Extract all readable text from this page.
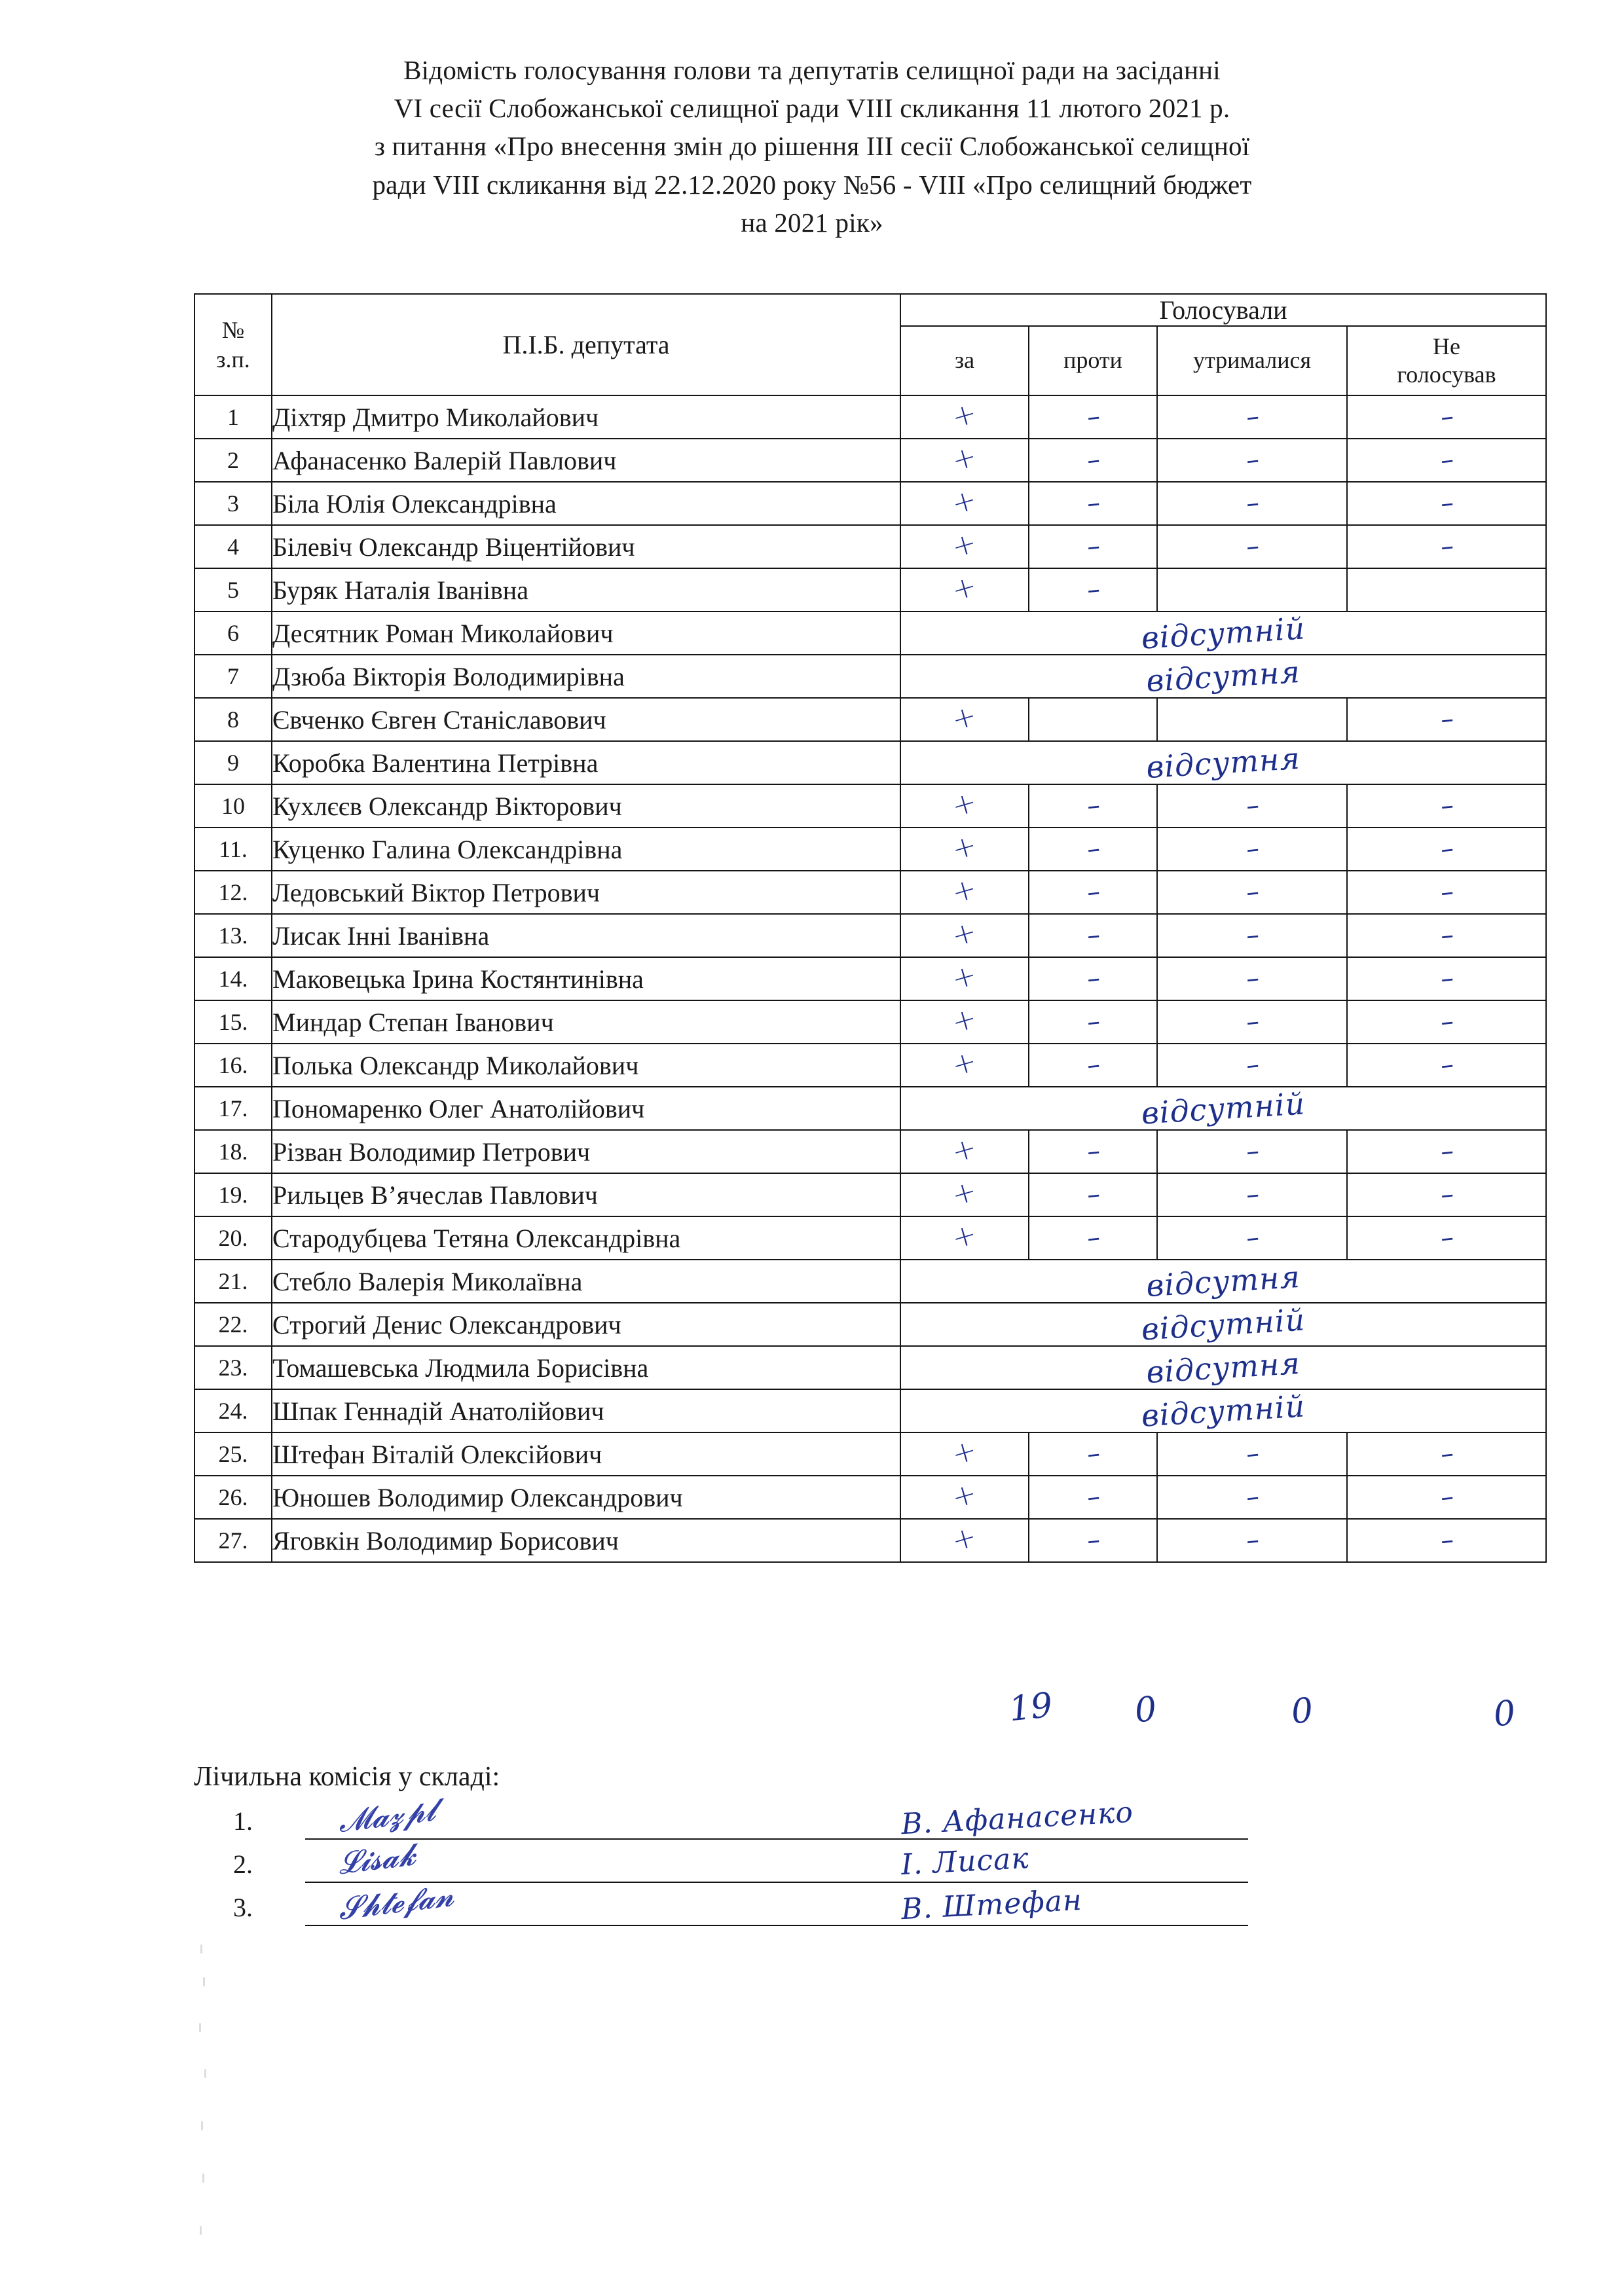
Відомість голосування голови та депутатів селищної ради на засіданні
VI сесії Слобожанської селищної ради VIII скликання 11 лютого 2021 р.
з питання «Про внесення змін до рішення ІІІ сесії Слобожанської селищної
ради VIII скликання від 22.12.2020 року №56 - VIII «Про селищний бюджет
на 2021 рік»
№
з.п.	П.І.Б. депутата	Голосували			
		за	проти	утрималися	Не
голосував

1	Діхтяр Дмитро Миколайович	+	–	–	–

2	Афанасенко Валерій Павлович	+	–	–	–

3	Біла Юлія Олександрівна	+	–	–	–

4	Білевіч Олександр Віцентійович	+	–	–	–

5	Буряк Наталія Іванівна	+	–		

6	Десятник Роман Миколайович	відсутній			

7	Дзюба Вікторія Володимирівна	відсутня			

8	Євченко Євген Станіславович	+			–

9	Коробка Валентина Петрівна	відсутня			

10	Кухлєєв Олександр Вікторович	+	–	–	–

11.	Куценко Галина Олександрівна	+	–	–	–

12.	Ледовський Віктор Петрович	+	–	–	–

13.	Лисак Інні Іванівна	+	–	–	–

14.	Маковецька Ірина Костянтинівна	+	–	–	–

15.	Миндар Степан Іванович	+	–	–	–

16.	Полька Олександр Миколайович	+	–	–	–

17.	Пономаренко Олег Анатолійович	відсутній			

18.	Різван Володимир Петрович	+	–	–	–

19.	Рильцев В’ячеслав Павлович	+	–	–	–

20.	Стародубцева Тетяна Олександрівна	+	–	–	–

21.	Стебло Валерія Миколаївна	відсутня			

22.	Строгий Денис Олександрович	відсутній			

23.	Томашевська Людмила Борисівна	відсутня			

24.	Шпак Геннадій Анатолійович	відсутній			

25.	Штефан Віталій Олексійович	+	–	–	–

26.	Юношев Володимир Олександрович	+	–	–	–

27.	Яговкін Володимир Борисович	+	–	–	–
19 0	0	0
Лічильна комісія у складі:
1.	𝓜𝓪𝔃𝓹𝓵	В. Афанасенко
2.	𝓛𝓲𝓼𝓪𝓴	І. Лисак
3.	𝓢𝓱𝓽𝓮𝓯𝓪𝓷	В. Штефан
